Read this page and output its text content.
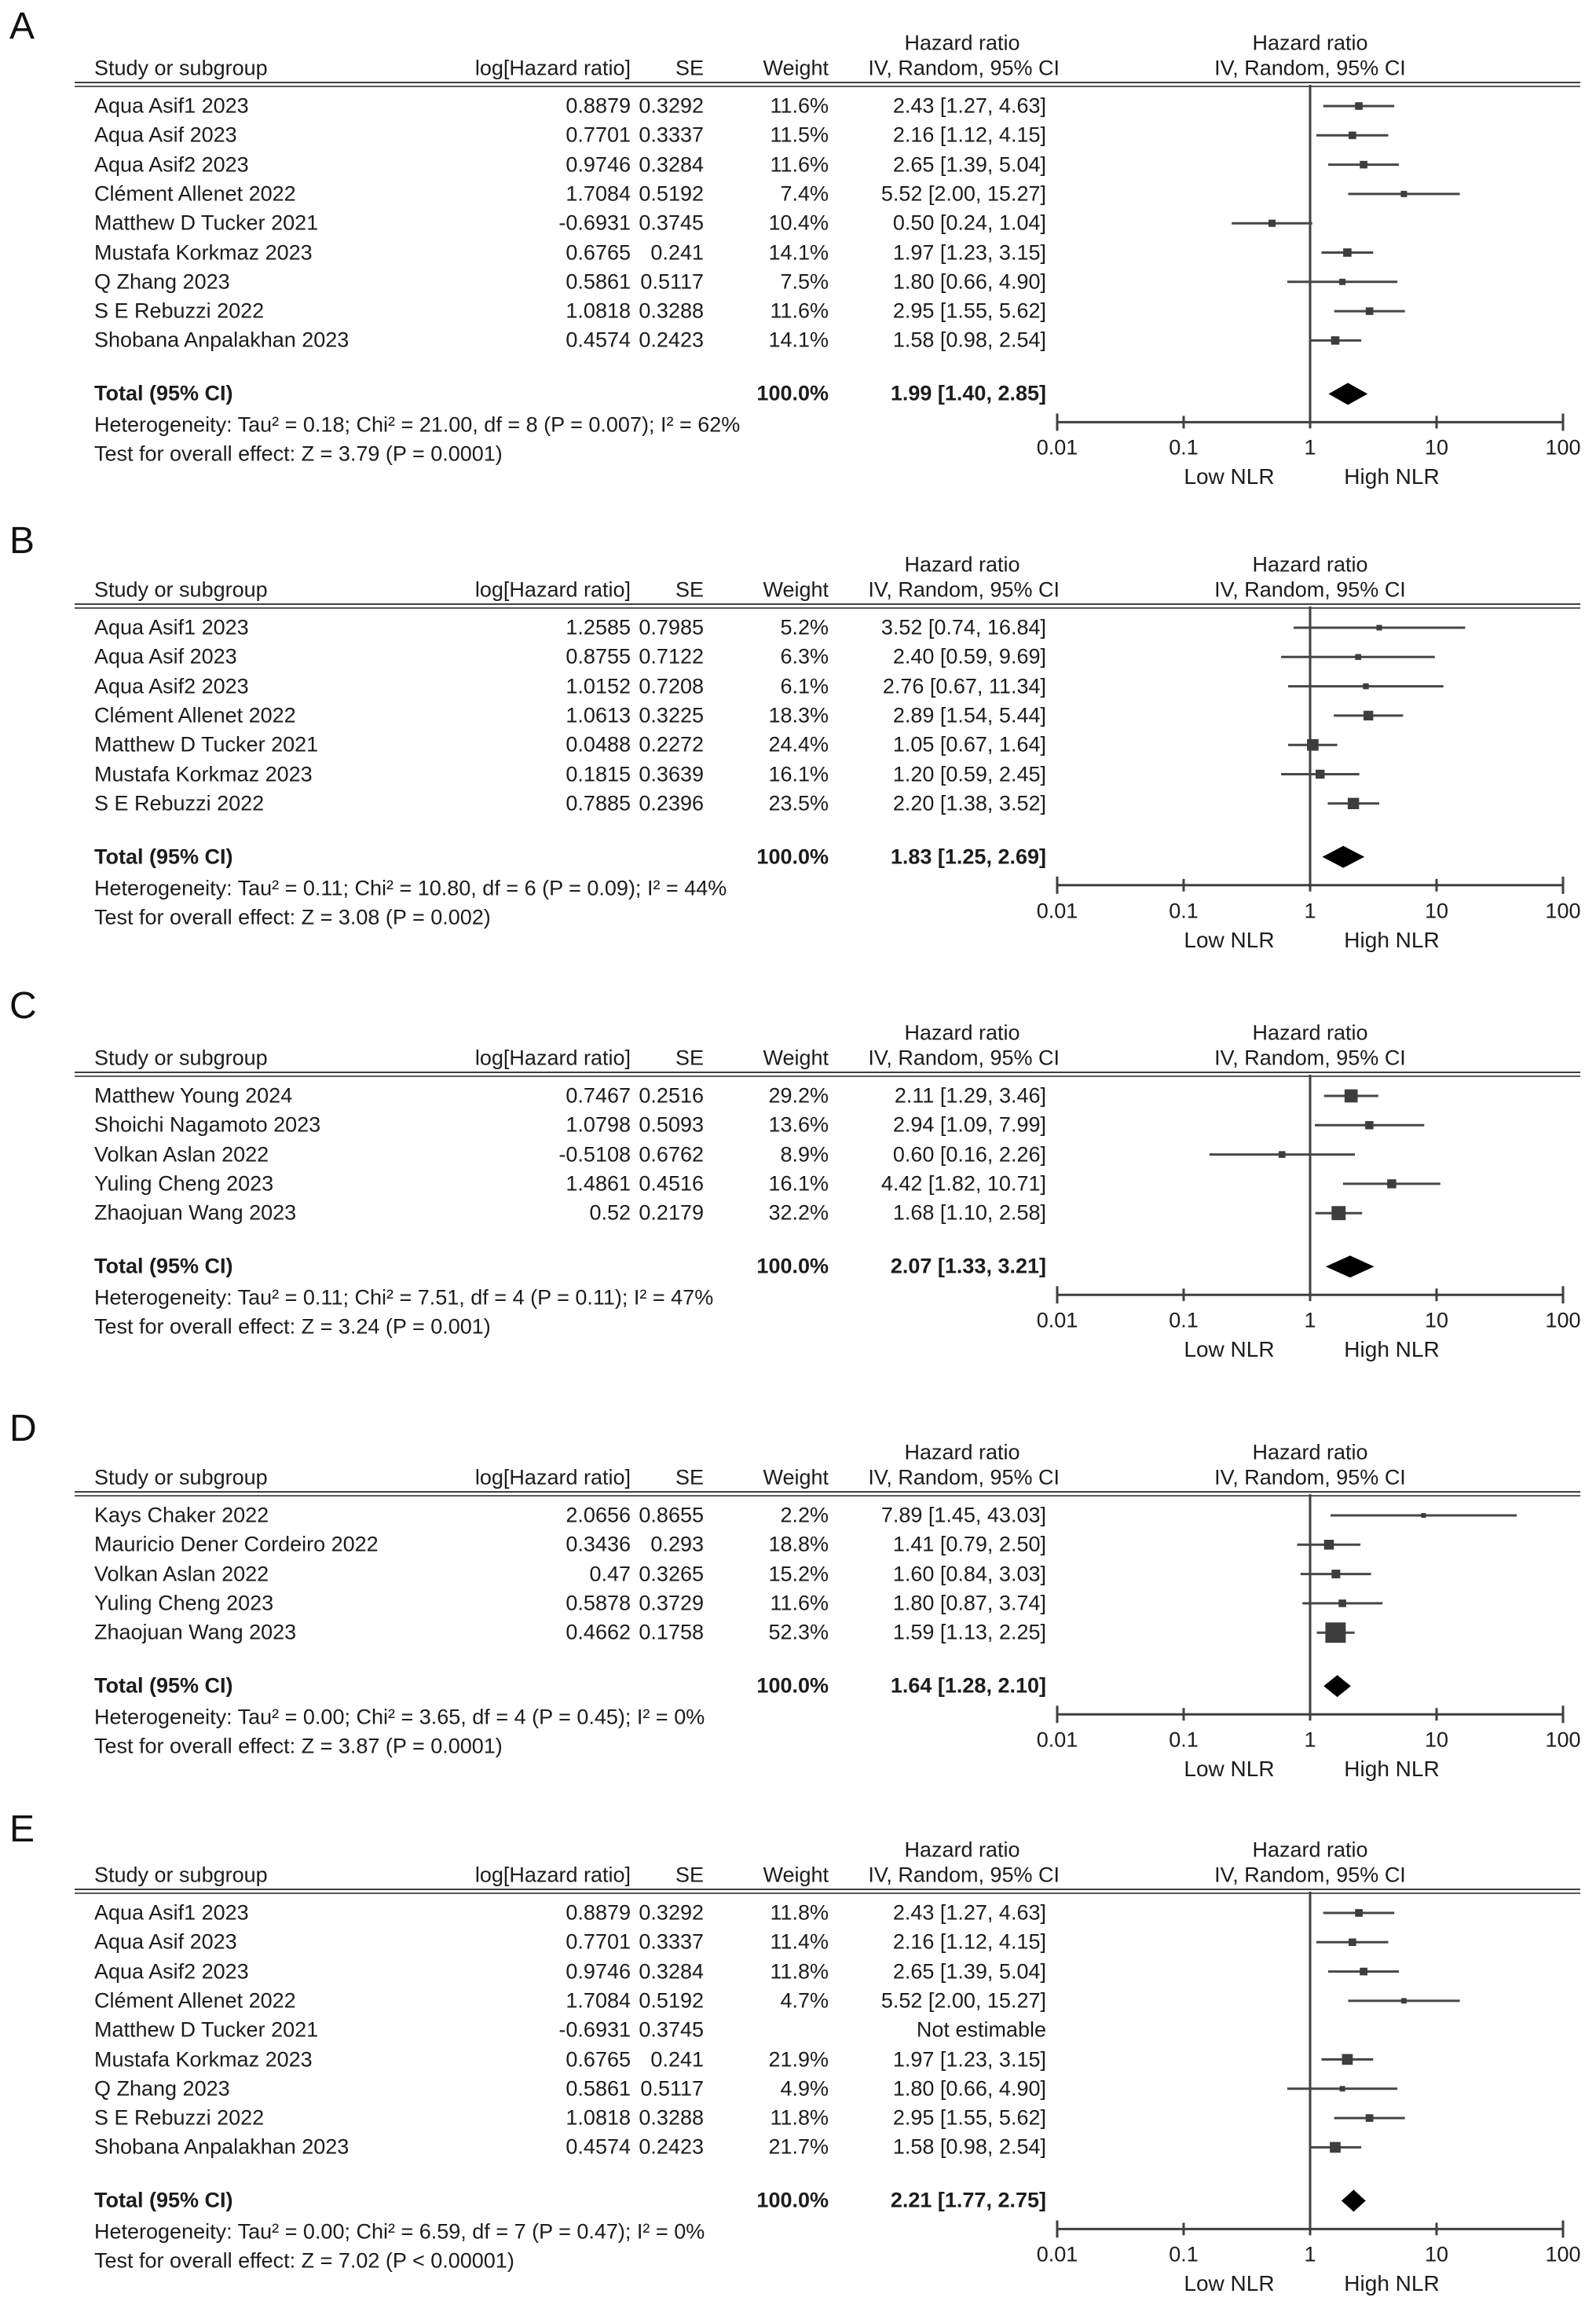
A	Hazard ratio	Hazard ratio
Study or subgroup	log[Hazard ratio] SE	Weight IV, Random, 95% CI	IV, Random, 95% CI
Aqua Asif1 2023	0.8879 0.3292	11.6%	2.43 [1.27, 4.63]
Aqua Asif 2023	0.7701 0.3337	11.5%	2.16 [1.12, 4.15]
Aqua Asif2 2023	0.9746 0.3284	11.6%	2.65 [1.39, 5.04]
Clément Allenet 2022	1.7084 0.5192	7.4% 5.52 [2.00, 15.27]
Matthew D Tucker 2021	-0.6931 0.3745	10.4%	0.50 [0.24, 1.04]
Mustafa Korkmaz 2023	0.6765 0.241	14.1%	1.97 [1.23, 3.15]
Q Zhang 2023	0.5861 0.5117	7.5%	1.80 [0.66, 4.90]
S E Rebuzzi 2022	1.0818 0.3288	11.6%	2.95 [1.55, 5.62]
Shobana Anpalakhan 2023	0.4574 0.2423	14.1%	1.58 [0.98, 2.54]
Total (95% CI)	100.0%	1.99 [1.40, 2.85]
Heterogeneity: Tau² = 0.18; Chi² = 21.00, df = 8 (P = 0.007); I² = 62%
Test for overall effect: Z = 3.79 (P = 0.0001)	0.01	0.1	1	10	100
Low NLR	High NLR
B
Hazard ratio	Hazard ratio
Study or subgroup	log[Hazard ratio] SE	Weight IV, Random, 95% CI	IV, Random, 95% CI
Aqua Asif1 2023	1.2585 0.7985	5.2% 3.52 [0.74, 16.84]
Aqua Asif 2023	0.8755 0.7122	6.3%	2.40 [0.59, 9.69]
Aqua Asif2 2023	1.0152 0.7208	6.1%	2.76 [0.67, 11.34]
Clément Allenet 2022	1.0613 0.3225	18.3%	2.89 [1.54, 5.44]
Matthew D Tucker 2021	0.0488 0.2272	24.4%	1.05 [0.67, 1.64]
Mustafa Korkmaz 2023	0.1815 0.3639	16.1%	1.20 [0.59, 2.45]
S E Rebuzzi 2022	0.7885 0.2396	23.5%	2.20 [1.38, 3.52]
Total (95% CI)	100.0%	1.83 [1.25, 2.69]
Heterogeneity: Tau² = 0.11; Chi² = 10.80, df = 6 (P = 0.09); I² = 44%
Test for overall effect: Z = 3.08 (P = 0.002)	0.01	0.1	1	10	100
Low NLR	High NLR
C
Hazard ratio	Hazard ratio
Study or subgroup	log[Hazard ratio] SE	Weight IV, Random, 95% CI	IV, Random, 95% CI
Matthew Young 2024	0.7467 0.2516	29.2%	2.11 [1.29, 3.46]
Shoichi Nagamoto 2023	1.0798 0.5093	13.6%	2.94 [1.09, 7.99]
Volkan Aslan 2022	-0.5108 0.6762	8.9%	0.60 [0.16, 2.26]
Yuling Cheng 2023	1.4861 0.4516	16.1% 4.42 [1.82, 10.71]
Zhaojuan Wang 2023	0.52 0.2179	32.2%	1.68 [1.10, 2.58]
Total (95% CI)	100.0%	2.07 [1.33, 3.21]
Heterogeneity: Tau² = 0.11; Chi² = 7.51, df = 4 (P = 0.11); I² = 47%
Test for overall effect: Z = 3.24 (P = 0.001)	0.01	0.1	1	10	100
Low NLR	High NLR
D
Hazard ratio	Hazard ratio
Study or subgroup	log[Hazard ratio] SE	Weight IV, Random, 95% CI	IV, Random, 95% CI
Kays Chaker 2022	2.0656 0.8655	2.2% 7.89 [1.45, 43.03]
Mauricio Dener Cordeiro 2022	0.3436 0.293	18.8%	1.41 [0.79, 2.50]
Volkan Aslan 2022	0.47 0.3265	15.2%	1.60 [0.84, 3.03]
Yuling Cheng 2023	0.5878 0.3729	11.6%	1.80 [0.87, 3.74]
Zhaojuan Wang 2023	0.4662 0.1758	52.3%	1.59 [1.13, 2.25]
Total (95% CI)	100.0%	1.64 [1.28, 2.10]
Heterogeneity: Tau² = 0.00; Chi² = 3.65, df = 4 (P = 0.45); I² = 0%
Test for overall effect: Z = 3.87 (P = 0.0001)	0.01	0.1	1	10	100
Low NLR	High NLR
E	Hazard ratio	Hazard ratio
Study or subgroup	log[Hazard ratio] SE	Weight IV, Random, 95% CI	IV, Random, 95% CI
Aqua Asif1 2023	0.8879 0.3292	11.8%	2.43 [1.27, 4.63]
Aqua Asif 2023	0.7701 0.3337	11.4%	2.16 [1.12, 4.15]
Aqua Asif2 2023	0.9746 0.3284	11.8%	2.65 [1.39, 5.04]
Clément Allenet 2022	1.7084 0.5192	4.7% 5.52 [2.00, 15.27]
Matthew D Tucker 2021	-0.6931 0.3745	Not estimable
Mustafa Korkmaz 2023	0.6765 0.241	21.9%	1.97 [1.23, 3.15]
Q Zhang 2023	0.5861 0.5117	4.9%	1.80 [0.66, 4.90]
S E Rebuzzi 2022	1.0818 0.3288	11.8%	2.95 [1.55, 5.62]
Shobana Anpalakhan 2023	0.4574 0.2423	21.7%	1.58 [0.98, 2.54]
Total (95% CI)	100.0%	2.21 [1.77, 2.75]
Heterogeneity: Tau² = 0.00; Chi² = 6.59, df = 7 (P = 0.47); I² = 0%
Test for overall effect: Z = 7.02 (P < 0.00001)	0.01	0.1	1	10	100
Low NLR	High NLR
